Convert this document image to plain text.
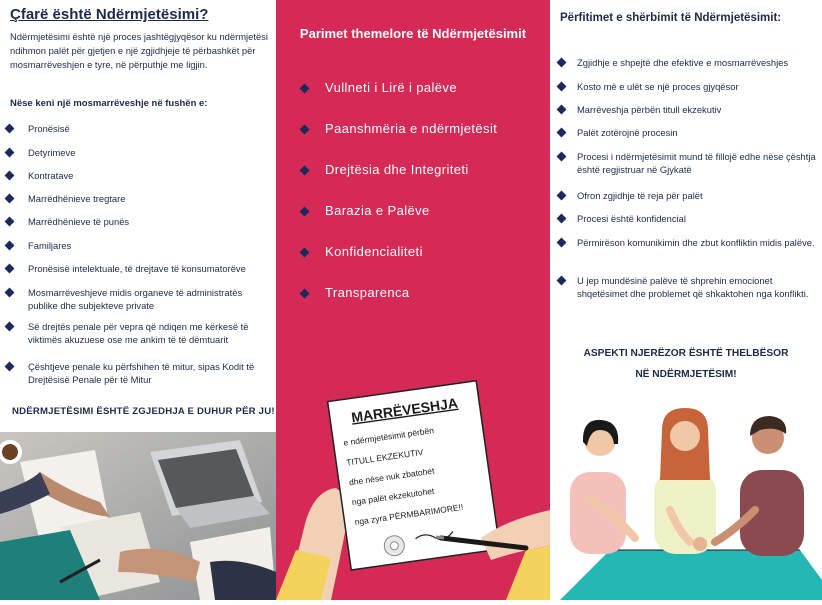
Çfarë është Ndërmjetësimi?
Ndërmjetësimi është një proces jashtëgjyqësor ku ndërmjetësi ndihmon palët për gjetjen e një zgjidhjeje të përbashkët për mosmarrëveshjen e tyre, në përputhje me ligjin.
Nëse keni një mosmarrëveshje në fushën e:
Pronësisë
Detyrimeve
Kontratave
Marrëdhënieve tregtare
Marrëdhënieve të punës
Familjares
Pronësisë intelektuale, të drejtave të konsumatorëve
Mosmarrëveshjeve midis organeve të administratës publike dhe subjekteve private
Së drejtës penale për vepra që ndiqen me kërkesë të viktimës akuzuese ose me ankim të të dëmtuarit
Çështjeve penale ku përfshihen të mitur, sipas Kodit të Drejtësisë Penale për të Mitur
NDËRMJETËSIMI ËSHTË ZGJEDHJA E DUHUR PËR JU!
Parimet themelore të Ndërmjetësimit
Vullneti i Lirë i palëve
Paanshmëria e ndërmjetësit
Drejtësia dhe Integriteti
Barazia e Palëve
Konfidencialiteti
Transparenca
MARRËVESHJA
e ndërmjetësimit përbën
TITULL EKZEKUTIV
dhe nëse nuk zbatohet
nga palët ekzekutohet
nga zyra PËRMBARIMORE!!
Përfitimet e shërbimit të Ndërmjetësimit:
Zgjidhje e shpejtë dhe efektive e mosmarrëveshjes
Kosto më e ulët se një proces gjyqësor
Marrëveshja përbën titull ekzekutiv
Palët zotërojnë procesin
Procesi i ndërmjetësimit mund të fillojë edhe nëse çështja është regjistruar në Gjykatë
Ofron zgjidhje të reja për palët
Procesi është konfidencial
Përmirëson komunikimin dhe zbut konfliktin midis palëve.
U jep mundësinë palëve të shprehin emocionet shqetësimet dhe problemet që shkaktohen nga konflikti.
ASPEKTI NJERËZOR ËSHTË THELBËSOR
NË NDËRMJETËSIM!
